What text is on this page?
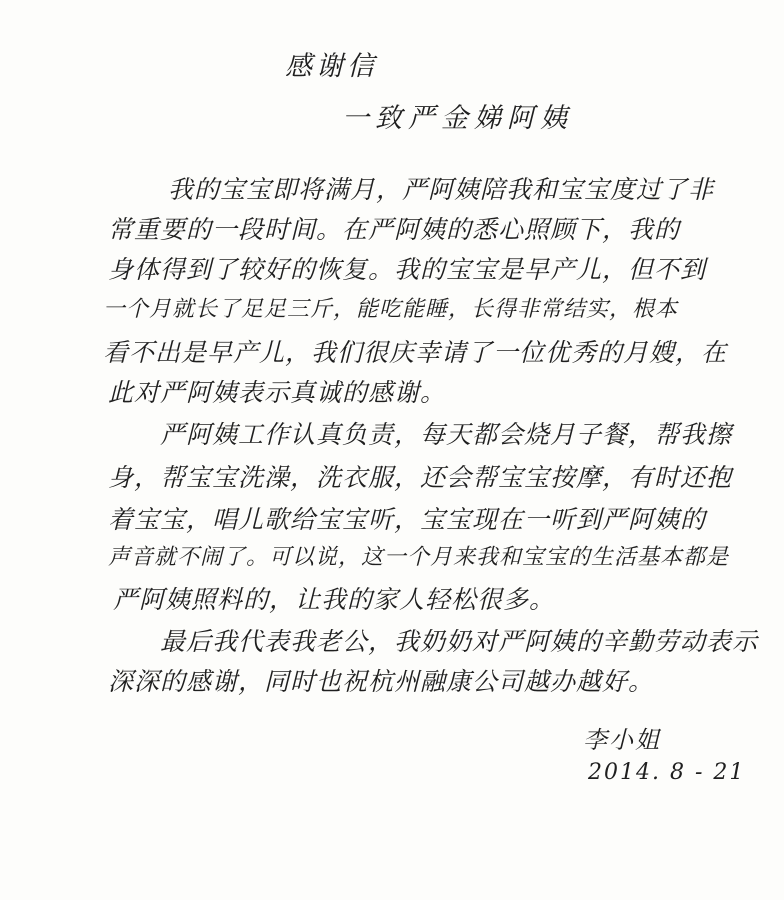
感谢信
一致严金娣阿姨
我的宝宝即将满月，严阿姨陪我和宝宝度过了非
常重要的一段时间。在严阿姨的悉心照顾下，我的
身体得到了较好的恢复。我的宝宝是早产儿，但不到
一个月就长了足足三斤，能吃能睡，长得非常结实，根本
看不出是早产儿，我们很庆幸请了一位优秀的月嫂，在
此对严阿姨表示真诚的感谢。
严阿姨工作认真负责，每天都会烧月子餐，帮我擦
身，帮宝宝洗澡，洗衣服，还会帮宝宝按摩，有时还抱
着宝宝，唱儿歌给宝宝听，宝宝现在一听到严阿姨的
声音就不闹了。可以说，这一个月来我和宝宝的生活基本都是
严阿姨照料的，让我的家人轻松很多。
最后我代表我老公，我奶奶对严阿姨的辛勤劳动表示
深深的感谢，同时也祝杭州融康公司越办越好。
李小姐
2014. 8 - 21
